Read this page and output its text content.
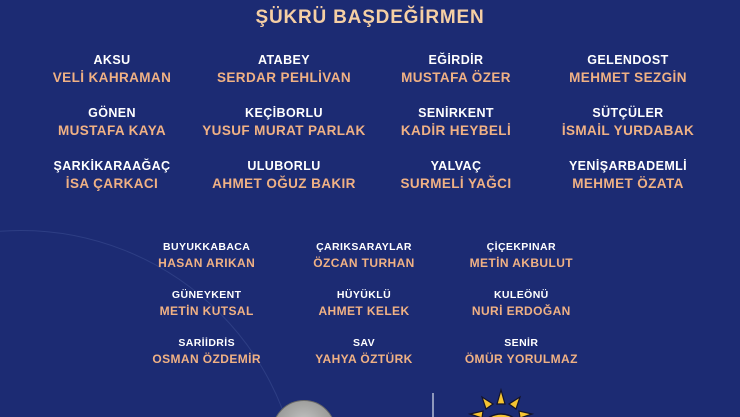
ŞÜKRÜ BAŞDEĞİRMEN
AKSU
VELİ KAHRAMAN
ATABEY
SERDAR PEHLİVAN
EĞİRDİR
MUSTAFA ÖZER
GELENDOST
MEHMET SEZGİN
GÖNEN
MUSTAFA KAYA
KEÇİBORLU
YUSUF MURAT PARLAK
SENİRKENT
KADİR HEYBELİ
SÜTÇÜLER
İSMAİL YURDABAK
ŞARKİKARAAĞAÇ
İSA ÇARKACI
ULUBORLU
AHMET OĞUZ BAKIR
YALVAÇ
SURMELİ YAĞCI
YENİŞARBADEMLİ
MEHMET ÖZATA
BUYUKKABACA
HASAN ARIKAN
ÇARIKSARAYLAR
ÖZCAN TURHAN
ÇİÇEKPINAR
METİN AKBULUT
GÜNEYKENT
METİN KUTSAL
HÜYÜKLÜ
AHMET KELEK
KULEÖNÜ
NURİ ERDOĞAN
SARİİDRİS
OSMAN ÖZDEMİR
SAV
YAHYA ÖZTÜRK
SENİR
ÖMÜR YORULMAZ
